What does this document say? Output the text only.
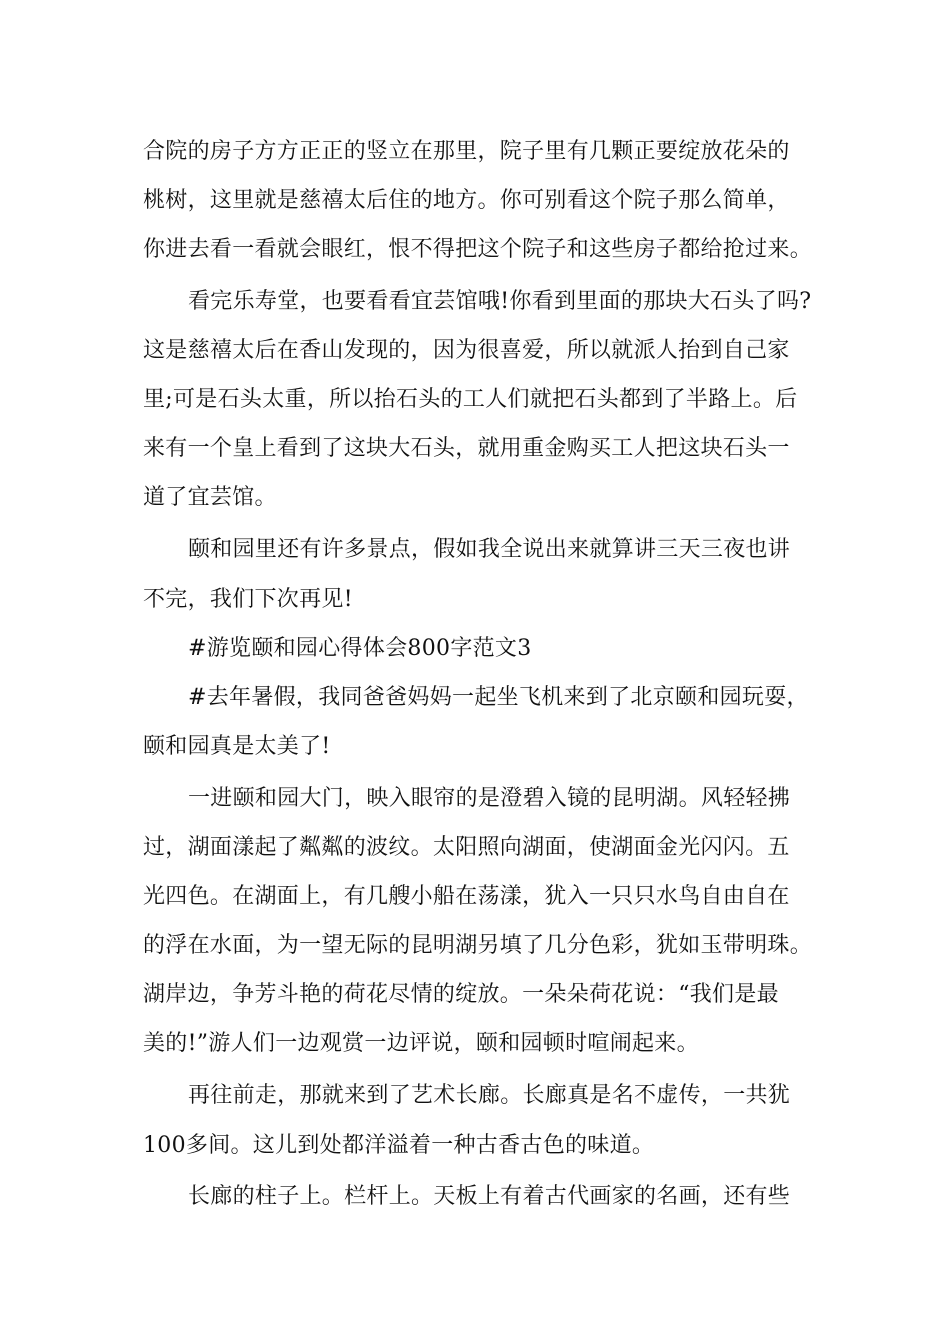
合院的房子方方正正的竖立在那里，院子里有几颗正要绽放花朵的
桃树，这里就是慈禧太后住的地方。你可别看这个院子那么简单，
你进去看一看就会眼红，恨不得把这个院子和这些房子都给抢过来。
看完乐寿堂，也要看看宜芸馆哦!你看到里面的那块大石头了吗?
这是慈禧太后在香山发现的，因为很喜爱，所以就派人抬到自己家
里;可是石头太重，所以抬石头的工人们就把石头都到了半路上。后
来有一个皇上看到了这块大石头，就用重金购买工人把这块石头一
道了宜芸馆。
颐和园里还有许多景点，假如我全说出来就算讲三天三夜也讲
不完，我们下次再见!
#游览颐和园心得体会800字范文3
#去年暑假，我同爸爸妈妈一起坐飞机来到了北京颐和园玩耍，
颐和园真是太美了!
一进颐和园大门，映入眼帘的是澄碧入镜的昆明湖。风轻轻拂
过，湖面漾起了粼粼的波纹。太阳照向湖面，使湖面金光闪闪。五
光四色。在湖面上，有几艘小船在荡漾，犹入一只只水鸟自由自在
的浮在水面，为一望无际的昆明湖另填了几分色彩，犹如玉带明珠。
湖岸边，争芳斗艳的荷花尽情的绽放。一朵朵荷花说：“我们是最
美的!”游人们一边观赏一边评说，颐和园顿时喧闹起来。
再往前走，那就来到了艺术长廊。长廊真是名不虚传，一共犹
100多间。这儿到处都洋溢着一种古香古色的味道。
长廊的柱子上。栏杆上。天板上有着古代画家的名画，还有些
